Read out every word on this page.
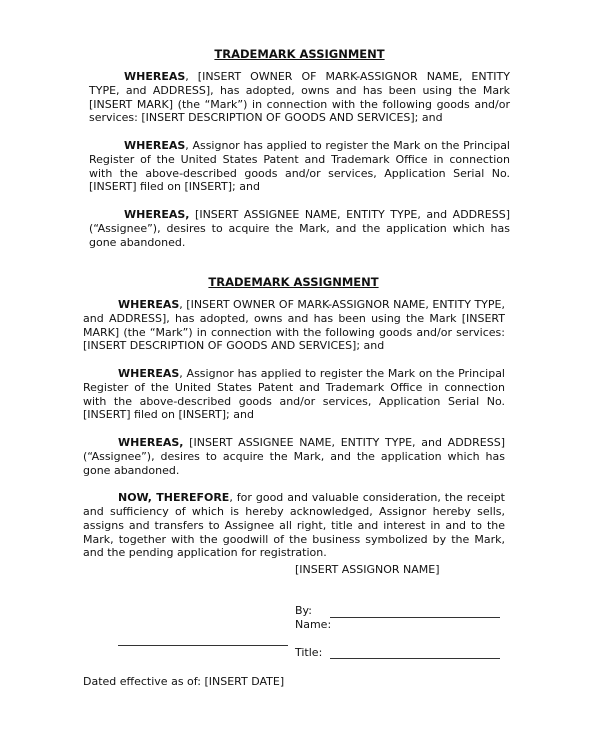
TRADEMARK ASSIGNMENT

WHEREAS, [INSERT OWNER OF MARK-ASSIGNOR NAME, ENTITY TYPE, and ADDRESS], has adopted, owns and has been using the Mark [INSERT MARK] (the “Mark”) in connection with the following goods and/or services: [INSERT DESCRIPTION OF GOODS AND SERVICES]; and

WHEREAS, Assignor has applied to register the Mark on the Principal Register of the United States Patent and Trademark Office in connection with the above-described goods and/or services, Application Serial No. [INSERT] filed on [INSERT]; and

WHEREAS, [INSERT ASSIGNEE NAME, ENTITY TYPE, and ADDRESS] (“Assignee”), desires to acquire the Mark, and the application which has gone abandoned.

TRADEMARK ASSIGNMENT

WHEREAS, [INSERT OWNER OF MARK-ASSIGNOR NAME, ENTITY TYPE, and ADDRESS], has adopted, owns and has been using the Mark [INSERT MARK] (the “Mark”) in connection with the following goods and/or services: [INSERT DESCRIPTION OF GOODS AND SERVICES]; and

WHEREAS, Assignor has applied to register the Mark on the Principal Register of the United States Patent and Trademark Office in connection with the above-described goods and/or services, Application Serial No. [INSERT] filed on [INSERT]; and

WHEREAS, [INSERT ASSIGNEE NAME, ENTITY TYPE, and ADDRESS] (“Assignee”), desires to acquire the Mark, and the application which has gone abandoned.

NOW, THEREFORE, for good and valuable consideration, the receipt and sufficiency of which is hereby acknowledged, Assignor hereby sells, assigns and transfers to Assignee all right, title and interest in and to the Mark, together with the goodwill of the business symbolized by the Mark, and the pending application for registration.

[INSERT ASSIGNOR NAME]
By:
Name:
Title:
Dated effective as of: [INSERT DATE]
